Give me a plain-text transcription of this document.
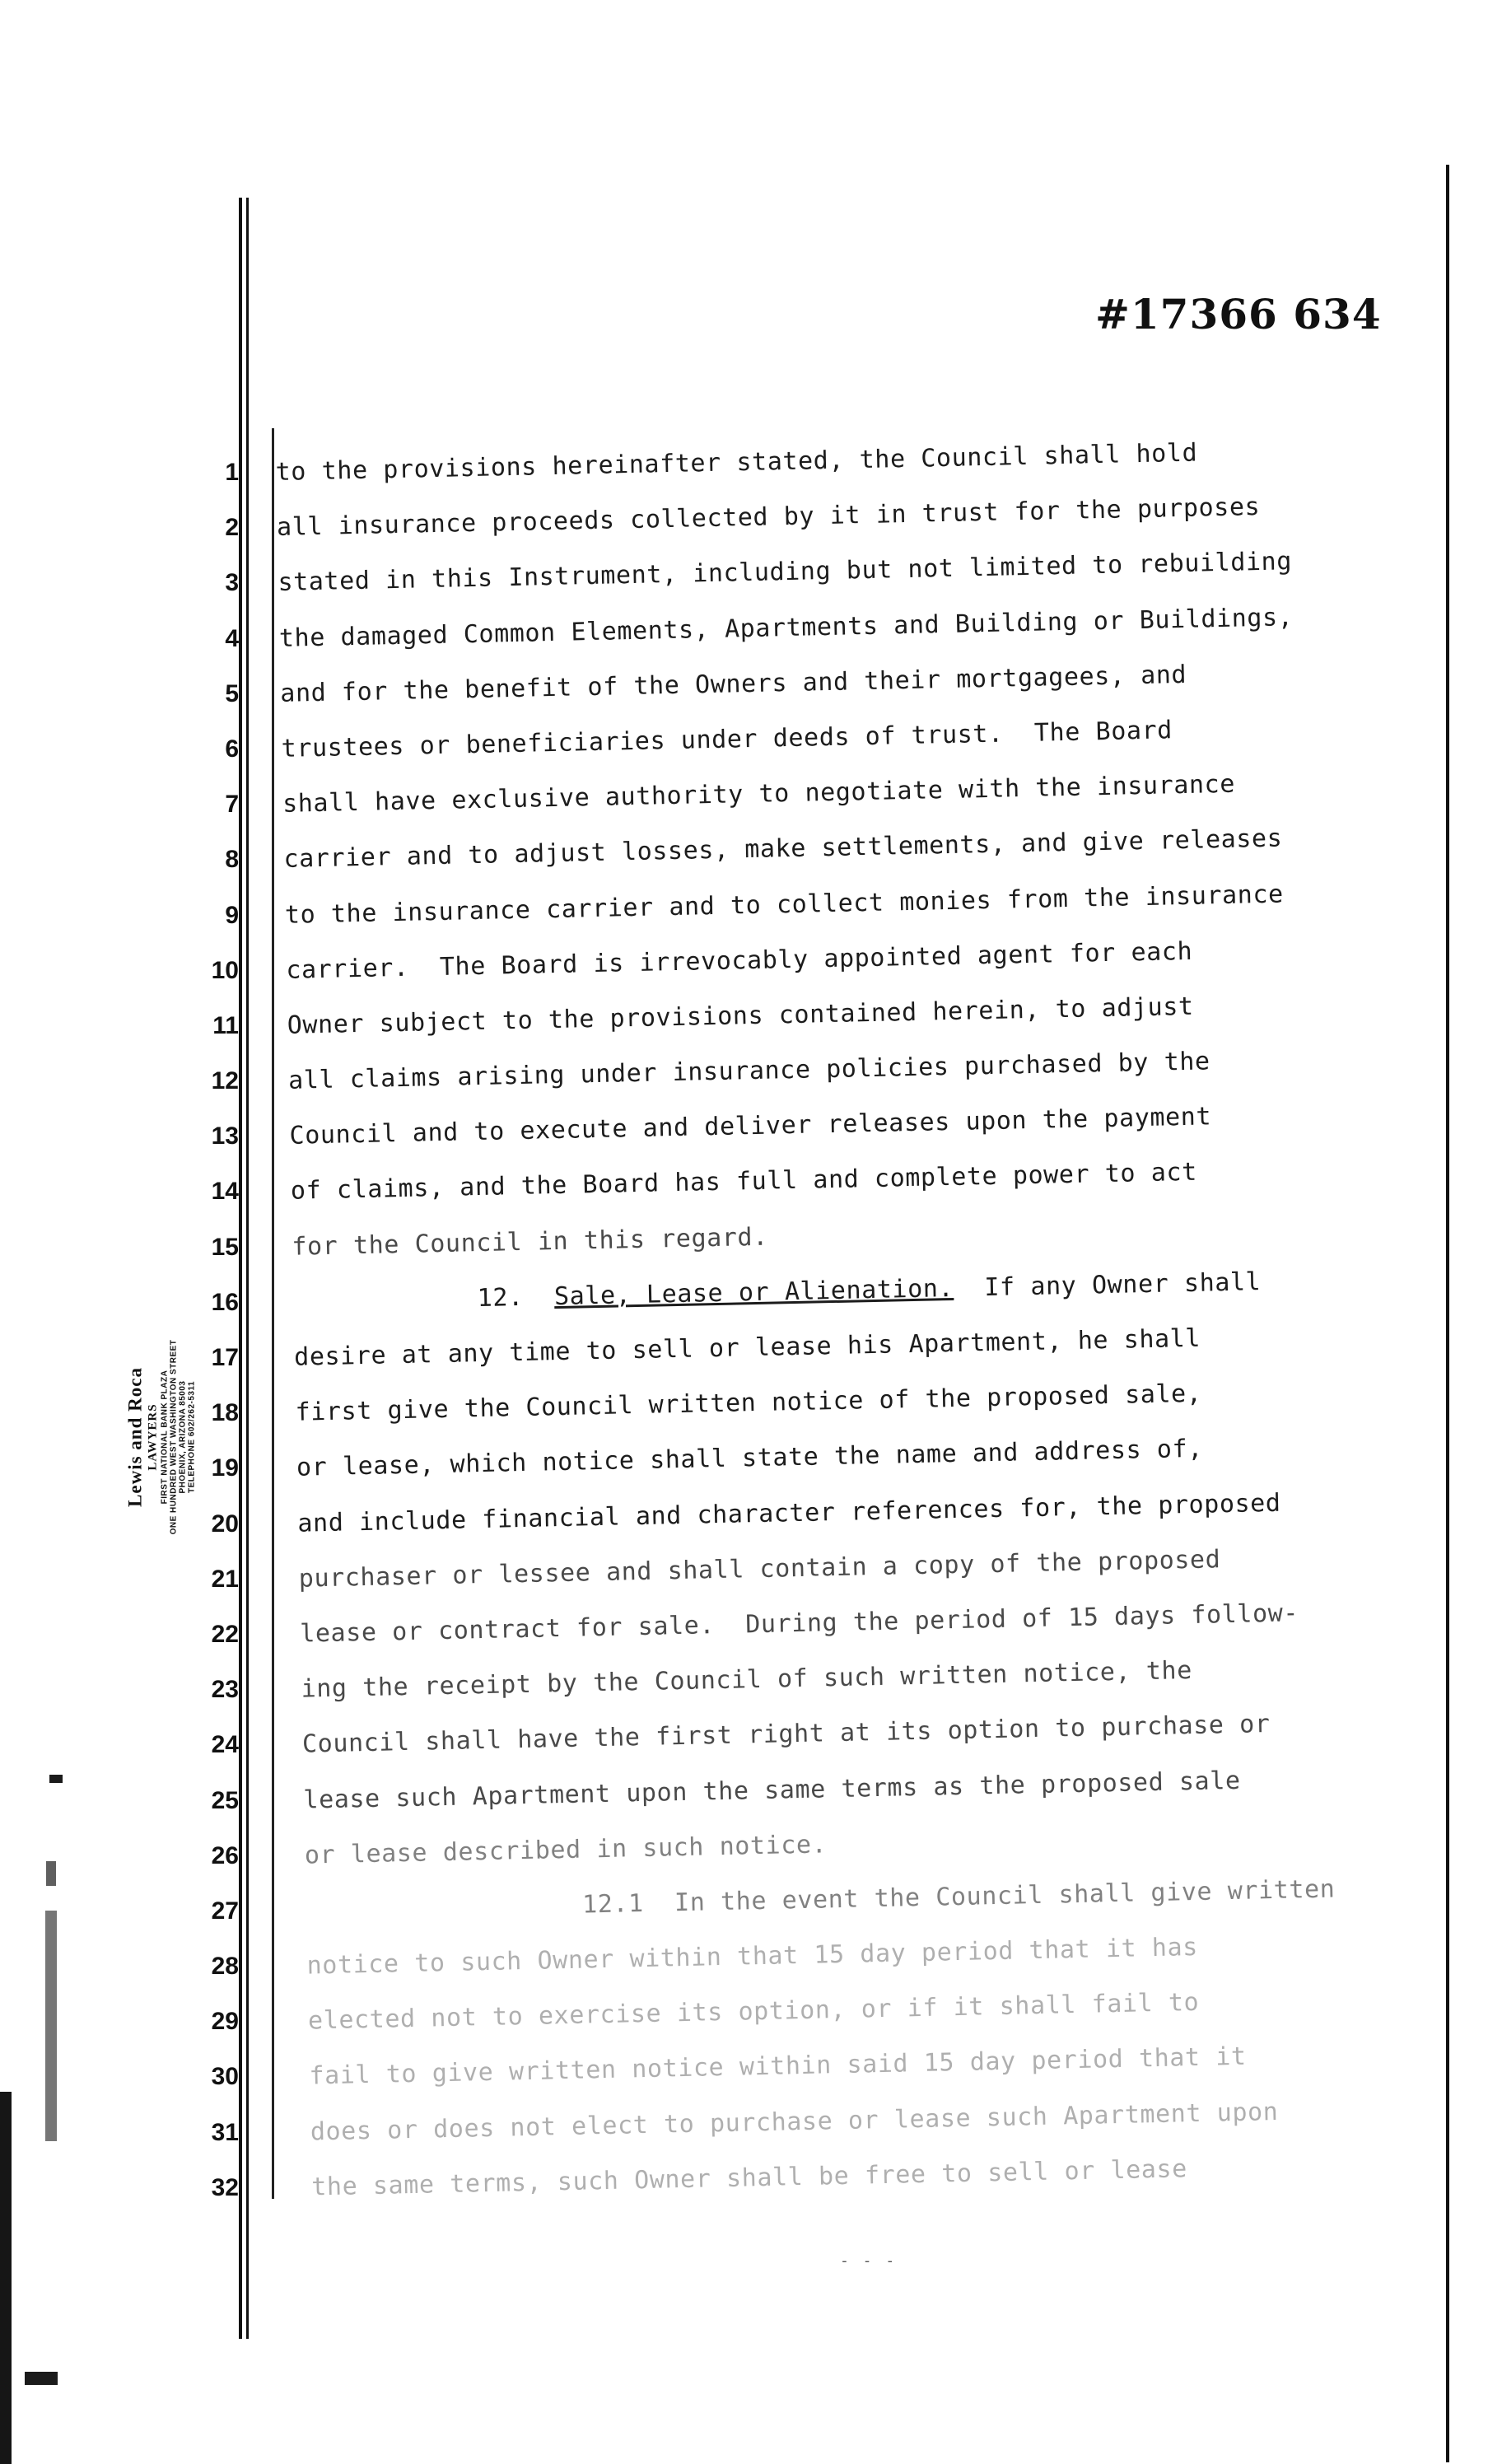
#17366 634
Lewis and Roca LAWYERS FIRST NATIONAL BANK PLAZA ONE HUNDRED WEST WASHINGTON STREET PHOENIX, ARIZONA 85003 TELEPHONE 602/262-5311
1
2
3
4
5
6
7
8
9
10
11
12
13
14
15
16
17
18
19
20
21
22
23
24
25
26
27
28
29
30
31
32
to the provisions hereinafter stated, the Council shall hold
all insurance proceeds collected by it in trust for the purposes
stated in this Instrument, including but not limited to rebuilding
the damaged Common Elements, Apartments and Building or Buildings,
and for the benefit of the Owners and their mortgagees, and
trustees or beneficiaries under deeds of trust.  The Board
shall have exclusive authority to negotiate with the insurance
carrier and to adjust losses, make settlements, and give releases
to the insurance carrier and to collect monies from the insurance
carrier.  The Board is irrevocably appointed agent for each
Owner subject to the provisions contained herein, to adjust
all claims arising under insurance policies purchased by the
Council and to execute and deliver releases upon the payment
of claims, and the Board has full and complete power to act
for the Council in this regard.
12. Sale, Lease or Alienation.  If any Owner shall
desire at any time to sell or lease his Apartment, he shall
first give the Council written notice of the proposed sale,
or lease, which notice shall state the name and address of,
and include financial and character references for, the proposed
purchaser or lessee and shall contain a copy of the proposed
lease or contract for sale.  During the period of 15 days follow-
ing the receipt by the Council of such written notice, the
Council shall have the first right at its option to purchase or
lease such Apartment upon the same terms as the proposed sale
or lease described in such notice.
12.1  In the event the Council shall give written
notice to such Owner within that 15 day period that it has
elected not to exercise its option, or if it shall fail to
fail to give written notice within said 15 day period that it
does or does not elect to purchase or lease such Apartment upon
the same terms, such Owner shall be free to sell or lease
- - -
